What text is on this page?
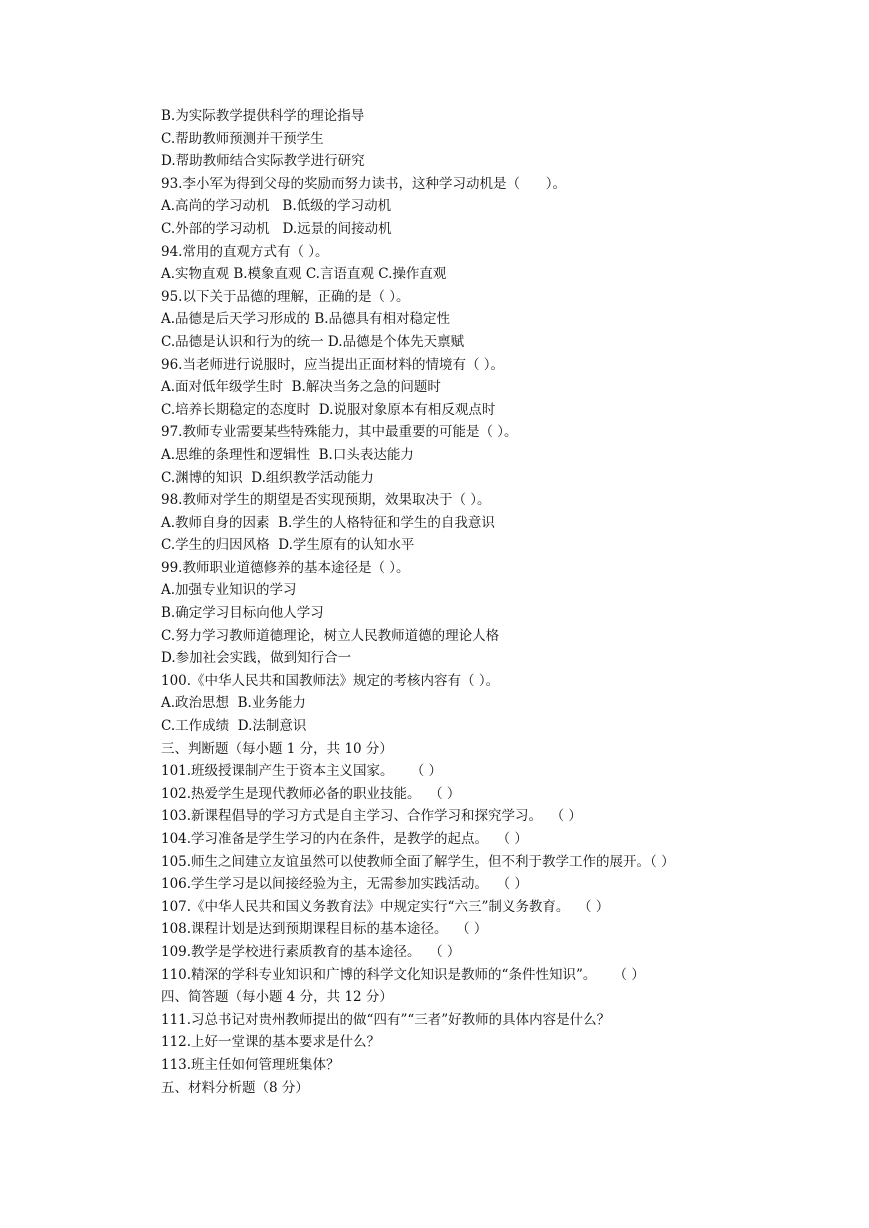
B.为实际教学提供科学的理论指导
C.帮助教师预测并干预学生
D.帮助教师结合实际教学进行研究
93.李小军为得到父母的奖励而努力读书，这种学习动机是（      ）。
A.高尚的学习动机   B.低级的学习动机
C.外部的学习动机   D.远景的间接动机
94.常用的直观方式有（ ）。
A.实物直观 B.模象直观 C.言语直观 C.操作直观
95.以下关于品德的理解，正确的是（ ）。
A.品德是后天学习形成的 B.品德具有相对稳定性
C.品德是认识和行为的统一 D.品德是个体先天禀赋
96.当老师进行说服时，应当提出正面材料的情境有（ ）。
A.面对低年级学生时  B.解决当务之急的问题时
C.培养长期稳定的态度时  D.说服对象原本有相反观点时
97.教师专业需要某些特殊能力，其中最重要的可能是（ ）。
A.思维的条理性和逻辑性  B.口头表达能力
C.渊博的知识  D.组织教学活动能力
98.教师对学生的期望是否实现预期，效果取决于（ ）。
A.教师自身的因素  B.学生的人格特征和学生的自我意识
C.学生的归因风格  D.学生原有的认知水平
99.教师职业道德修养的基本途径是（ ）。
A.加强专业知识的学习
B.确定学习目标向他人学习
C.努力学习教师道德理论，树立人民教师道德的理论人格
D.参加社会实践，做到知行合一
100.《中华人民共和国教师法》规定的考核内容有（ ）。
A.政治思想  B.业务能力
C.工作成绩  D.法制意识
三、判断题（每小题 1 分，共 10 分）
101.班级授课制产生于资本主义国家。    （ ）
102.热爱学生是现代教师必备的职业技能。  （ ）
103.新课程倡导的学习方式是自主学习、合作学习和探究学习。  （ ）
104.学习准备是学生学习的内在条件，是教学的起点。  （ ）
105.师生之间建立友谊虽然可以使教师全面了解学生，但不利于教学工作的展开。（ ）
106.学生学习是以间接经验为主，无需参加实践活动。  （ ）
107.《中华人民共和国义务教育法》中规定实行“六三”制义务教育。  （ ）
108.课程计划是达到预期课程目标的基本途径。  （ ）
109.教学是学校进行素质教育的基本途径。  （ ）
110.精深的学科专业知识和广博的科学文化知识是教师的“条件性知识”。    （ ）
四、简答题（每小题 4 分，共 12 分）
111.习总书记对贵州教师提出的做“四有”“三者”好教师的具体内容是什么？
112.上好一堂课的基本要求是什么？
113.班主任如何管理班集体？
五、材料分析题（8 分）
